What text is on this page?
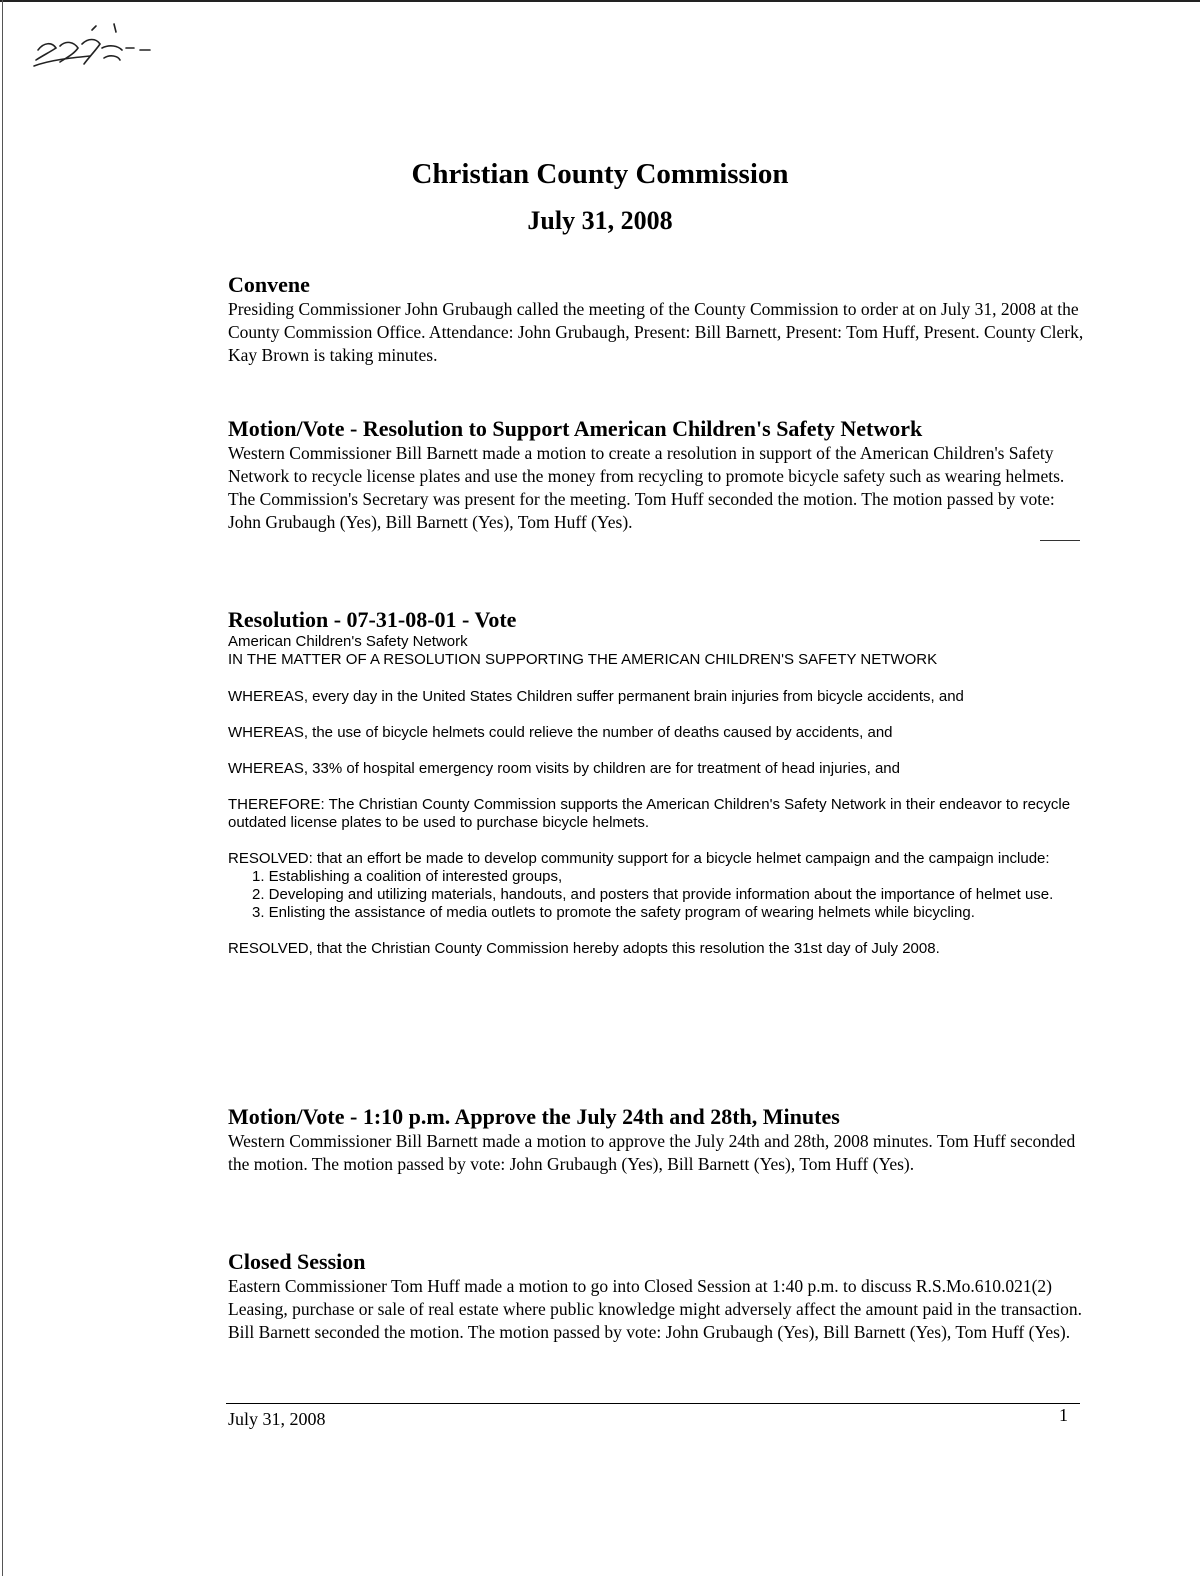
Christian County Commission
July 31, 2008
Convene
Presiding Commissioner John Grubaugh called the meeting of the County Commission to order at on July 31, 2008 at the County Commission Office. Attendance: John Grubaugh, Present: Bill Barnett, Present: Tom Huff, Present. County Clerk, Kay Brown is taking minutes.
Motion/Vote - Resolution to Support American Children's Safety Network
Western Commissioner Bill Barnett made a motion to create a resolution in support of the American Children's Safety Network to recycle license plates and use the money from recycling to promote bicycle safety such as wearing helmets. The Commission's Secretary was present for the meeting. Tom Huff seconded the motion. The motion passed by vote: John Grubaugh (Yes), Bill Barnett (Yes), Tom Huff (Yes).
Resolution - 07-31-08-01 - Vote
American Children's Safety Network
IN THE MATTER OF A RESOLUTION SUPPORTING THE AMERICAN CHILDREN'S SAFETY NETWORK

WHEREAS, every day in the United States Children suffer permanent brain injuries from bicycle accidents, and

WHEREAS, the use of bicycle helmets could relieve the number of deaths caused by accidents, and

WHEREAS, 33% of hospital emergency room visits by children are for treatment of head injuries, and

THEREFORE: The Christian County Commission supports the American Children's Safety Network in their endeavor to recycle outdated license plates to be used to purchase bicycle helmets.

RESOLVED: that an effort be made to develop community support for a bicycle helmet campaign and the campaign include:

1. Establishing a coalition of interested groups,

2. Developing and utilizing materials, handouts, and posters that provide information about the importance of helmet use.

3. Enlisting the assistance of media outlets to promote the safety program of wearing helmets while bicycling.

RESOLVED, that the Christian County Commission hereby adopts this resolution the 31st day of July 2008.

Motion/Vote - 1:10 p.m. Approve the July 24th and 28th, Minutes
Western Commissioner Bill Barnett made a motion to approve the July 24th and 28th, 2008 minutes. Tom Huff seconded the motion. The motion passed by vote: John Grubaugh (Yes), Bill Barnett (Yes), Tom Huff (Yes).
Closed Session
Eastern Commissioner Tom Huff made a motion to go into Closed Session at 1:40 p.m. to discuss R.S.Mo.610.021(2) Leasing, purchase or sale of real estate where public knowledge might adversely affect the amount paid in the transaction. Bill Barnett seconded the motion. The motion passed by vote: John Grubaugh (Yes), Bill Barnett (Yes), Tom Huff (Yes).
July 31, 2008	1
